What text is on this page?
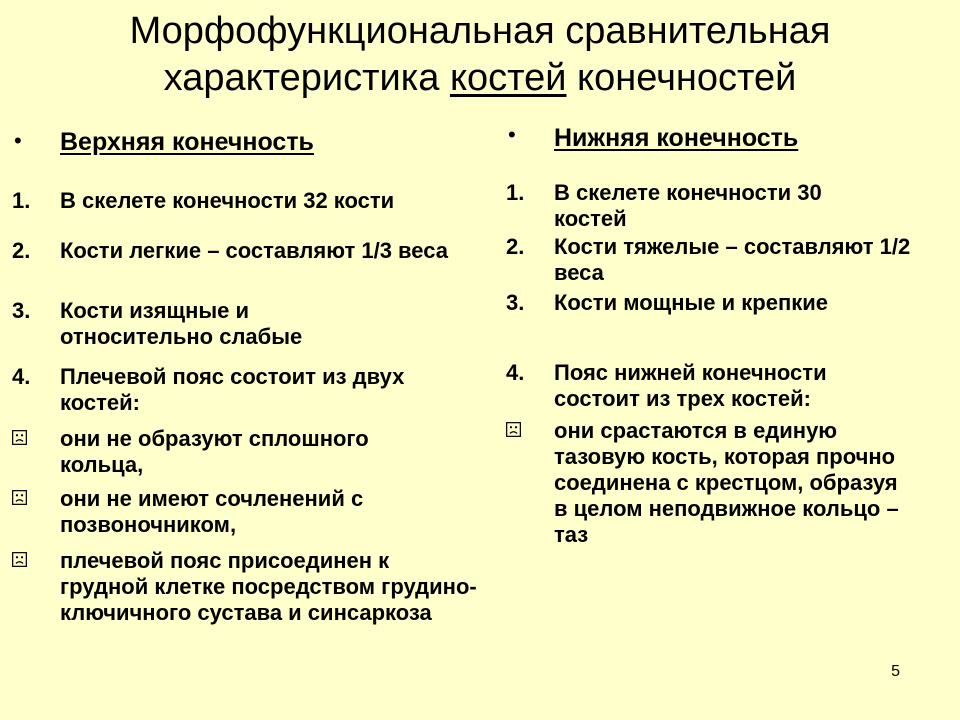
Морфофункциональная сравнительная
характеристика костей конечностей
• Верхняя конечность
1. В скелете конечности 32 кости
2. Кости легкие – составляют 1/3 веса
3. Кости изящные и относительно слабые
4. Плечевой пояс состоит из двух костей:
они не образуют сплошного кольца,
они не имеют сочленений с позвоночником,
плечевой пояс присоединен к грудной клетке посредством грудино-ключичного сустава и синсаркоза
• Нижняя конечность
1. В скелете конечности 30 костей
2. Кости тяжелые – составляют 1/2 веса
3. Кости мощные и крепкие
4. Пояс нижней конечности состоит из трех костей:
они срастаются в единую тазовую кость, которая прочно соединена с крестцом, образуя в целом неподвижное кольцо – таз
5
